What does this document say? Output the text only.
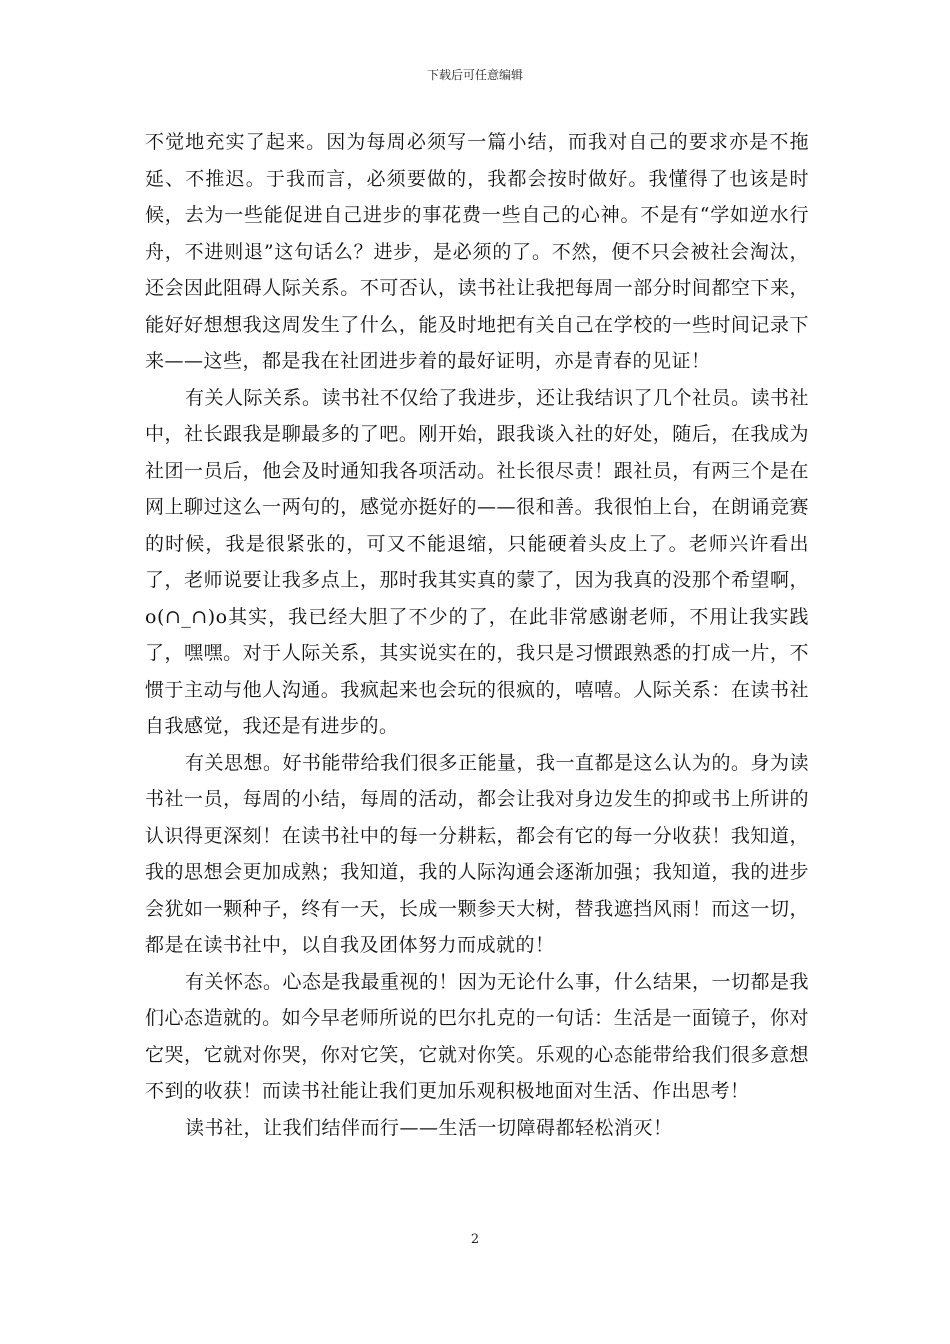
下载后可任意编辑

不觉地充实了起来。因为每周必须写一篇小结，而我对自己的要求亦是不拖延、不推迟。于我而言，必须要做的，我都会按时做好。我懂得了也该是时候，去为一些能促进自己进步的事花费一些自己的心神。不是有“学如逆水行舟，不进则退”这句话么？进步，是必须的了。不然，便不只会被社会淘汰，还会因此阻碍人际关系。不可否认，读书社让我把每周一部分时间都空下来，能好好想想我这周发生了什么，能及时地把有关自己在学校的一些时间记录下来——这些，都是我在社团进步着的最好证明，亦是青春的见证！

有关人际关系。读书社不仅给了我进步，还让我结识了几个社员。读书社中，社长跟我是聊最多的了吧。刚开始，跟我谈入社的好处，随后，在我成为社团一员后，他会及时通知我各项活动。社长很尽责！跟社员，有两三个是在网上聊过这么一两句的，感觉亦挺好的——很和善。我很怕上台，在朗诵竞赛的时候，我是很紧张的，可又不能退缩，只能硬着头皮上了。老师兴许看出了，老师说要让我多点上，那时我其实真的蒙了，因为我真的没那个希望啊，o(∩_∩)o其实，我已经大胆了不少的了，在此非常感谢老师，不用让我实践了，嘿嘿。对于人际关系，其实说实在的，我只是习惯跟熟悉的打成一片，不惯于主动与他人沟通。我疯起来也会玩的很疯的，嘻嘻。人际关系：在读书社自我感觉，我还是有进步的。

有关思想。好书能带给我们很多正能量，我一直都是这么认为的。身为读书社一员，每周的小结，每周的活动，都会让我对身边发生的抑或书上所讲的认识得更深刻！在读书社中的每一分耕耘，都会有它的每一分收获！我知道，我的思想会更加成熟；我知道，我的人际沟通会逐渐加强；我知道，我的进步会犹如一颗种子，终有一天，长成一颗参天大树，替我遮挡风雨！而这一切，都是在读书社中，以自我及团体努力而成就的！

有关怀态。心态是我最重视的！因为无论什么事，什么结果，一切都是我们心态造就的。如今早老师所说的巴尔扎克的一句话：生活是一面镜子，你对它哭，它就对你哭，你对它笑，它就对你笑。乐观的心态能带给我们很多意想不到的收获！而读书社能让我们更加乐观积极地面对生活、作出思考！

读书社，让我们结伴而行——生活一切障碍都轻松消灭！

2
